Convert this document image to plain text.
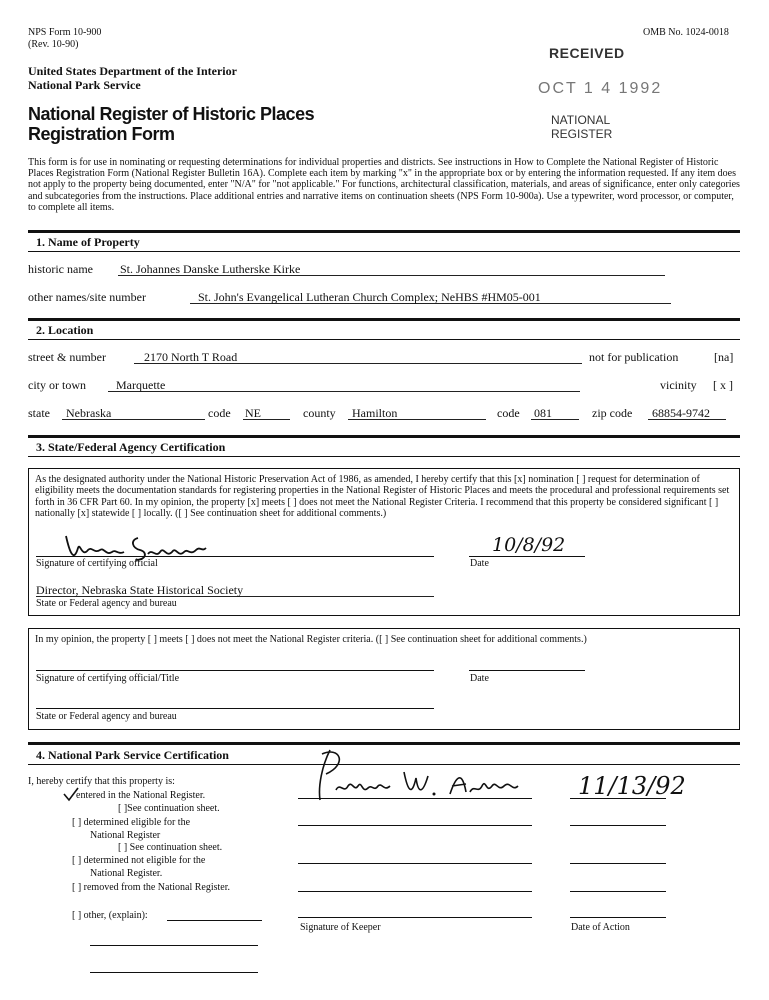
NPS Form 10-900
(Rev. 10-90)
OMB No. 1024-0018
United States Department of the Interior
National Park Service
National Register of Historic Places
Registration Form
RECEIVED
OCT 1 4 1992
NATIONAL
REGISTER
This form is for use in nominating or requesting determinations for individual properties and districts. See instructions in How to Complete the National Register of Historic Places Registration Form (National Register Bulletin 16A). Complete each item by marking "x" in the appropriate box or by entering the information requested. If any item does not apply to the property being documented, enter "N/A" for "not applicable." For functions, architectural classification, materials, and areas of significance, enter only categories and subcategories from the instructions. Place additional entries and narrative items on continuation sheets (NPS Form 10-900a). Use a typewriter, word processor, or computer, to complete all items.
1. Name of Property
historic name St. Johannes Danske Lutherske Kirke
other names/site number	St. John's Evangelical Lutheran Church Complex; NeHBS #HM05-001
2. Location
street & number	2170 North T Road	not for publication	[na]
city or town	Marquette	vicinity [ x ]
state	Nebraska	code NE	county	Hamilton	code 081	zip code	68854-9742
3. State/Federal Agency Certification
As the designated authority under the National Historic Preservation Act of 1986, as amended, I hereby certify that this [x] nomination [ ] request for determination of eligibility meets the documentation standards for registering properties in the National Register of Historic Places and meets the procedural and professional requirements set forth in 36 CFR Part 60. In my opinion, the property [x] meets [ ] does not meet the National Register Criteria. I recommend that this property be considered significant [ ] nationally [x] statewide [ ] locally. ([ ] See continuation sheet for additional comments.)
Signature of certifying official	Date
10/8/92
Director, Nebraska State Historical Society
State or Federal agency and bureau
In my opinion, the property [ ] meets [ ] does not meet the National Register criteria. ([ ] See continuation sheet for additional comments.)
Signature of certifying official/Title	Date
State or Federal agency and bureau
4. National Park Service Certification
I, hereby certify that this property is:
entered in the National Register.
[ ]See continuation sheet.
[ ] determined eligible for the
National Register
[ ] See continuation sheet.
[ ] determined not eligible for the
National Register.
[ ] removed from the National Register.
[ ] other, (explain):
11/13/92
Signature of Keeper	Date of Action
